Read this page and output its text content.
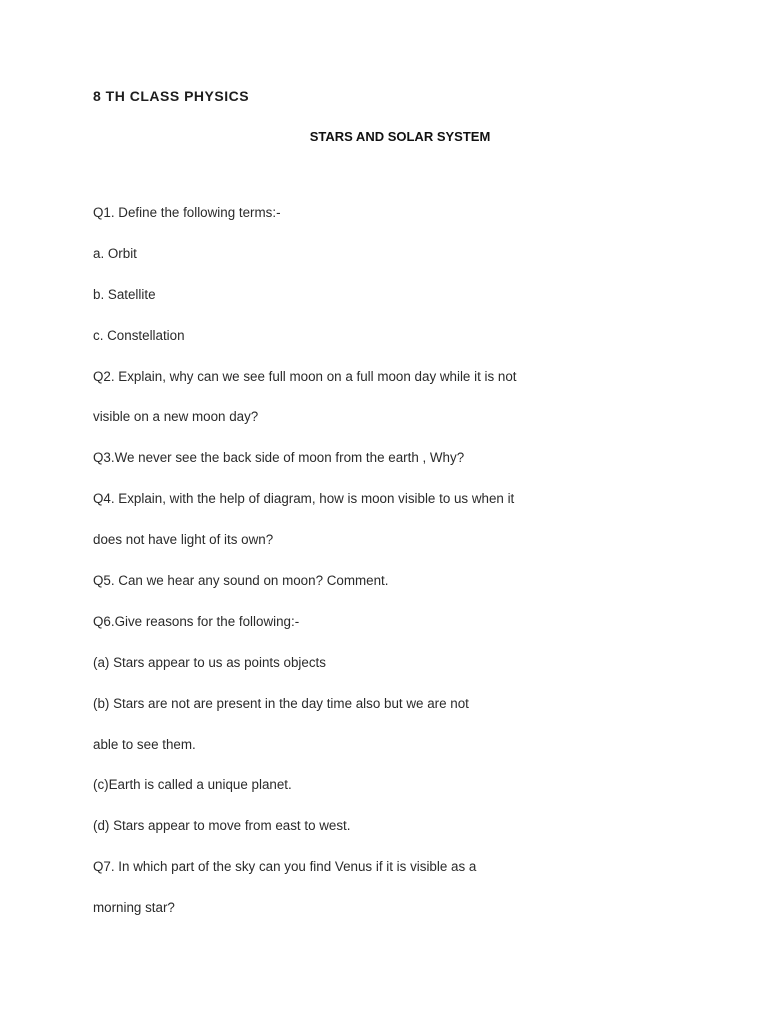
8 TH CLASS PHYSICS
STARS AND SOLAR SYSTEM
Q1. Define the following terms:-
a. Orbit
b. Satellite
c. Constellation
Q2. Explain, why can we see full moon on a full moon day while it is not
visible on a new moon day?
Q3.We never see the back side of moon from the earth , Why?
Q4. Explain, with the help of diagram, how is moon visible to us when it
does not have light of its own?
Q5. Can we hear any sound on moon? Comment.
Q6.Give reasons for the following:-
(a) Stars appear to us as points objects
(b) Stars are not are present in the day time also but we are not
able to see them.
(c)Earth is called a unique planet.
(d) Stars appear to move from east to west.
Q7. In which part of the sky can you find Venus if it is visible as a
morning star?
